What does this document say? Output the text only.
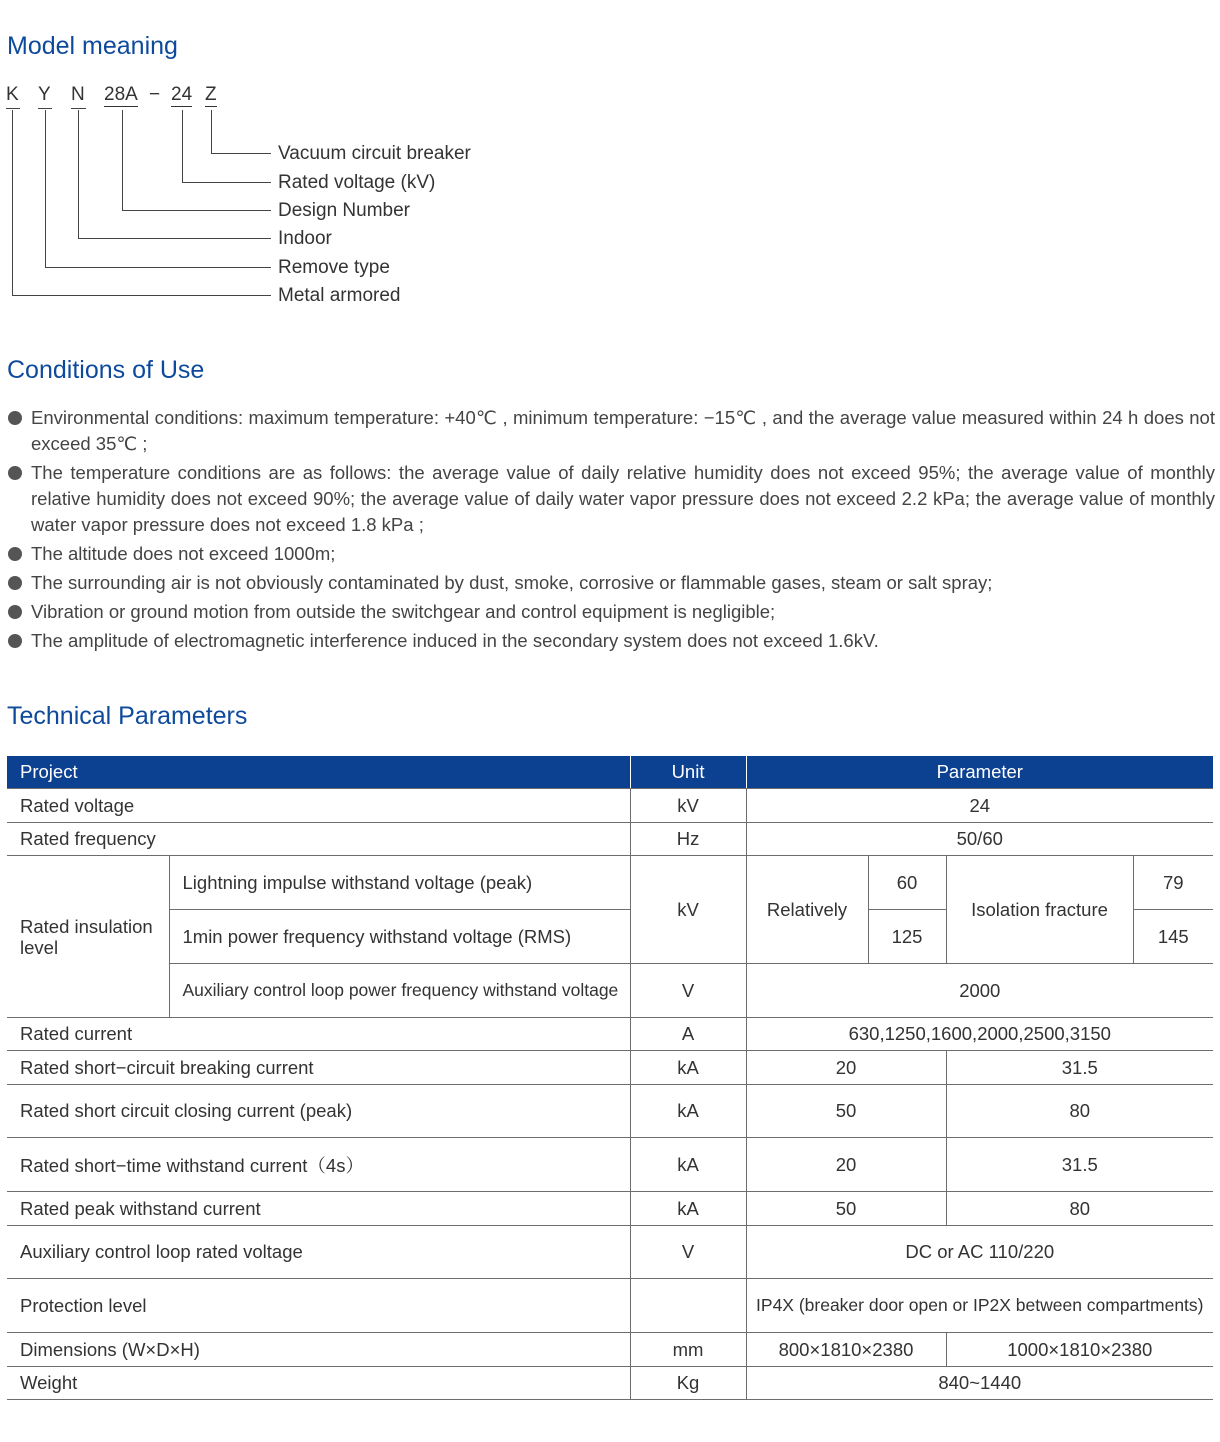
Model meaning
K Y N 28A − 24 Z
Vacuum circuit breaker
Rated voltage (kV)
Design Number
Indoor
Remove type
Metal armored
Conditions of Use
Environmental conditions: maximum temperature: +40℃ , minimum temperature: −15℃ , and the average value measured within 24 h does not exceed 35℃ ;
The temperature conditions are as follows: the average value of daily relative humidity does not exceed 95%; the average value of monthly relative humidity does not exceed 90%; the average value of daily water vapor pressure does not exceed 2.2 kPa; the average value of monthly water vapor pressure does not exceed 1.8 kPa ;
The altitude does not exceed 1000m;
The surrounding air is not obviously contaminated by dust, smoke, corrosive or flammable gases, steam or salt spray;
Vibration or ground motion from outside the switchgear and control equipment is negligible;
The amplitude of electromagnetic interference induced in the secondary system does not exceed 1.6kV.
Technical Parameters
Project		Unit	Parameter			
Rated voltage		kV	24			
Rated frequency		Hz	50/60			
Rated insulation level	Lightning impulse withstand voltage (peak)	kV	Relatively	60	Isolation fracture	79
	1min power frequency withstand voltage (RMS)			125		145
	Auxiliary control loop power frequency withstand voltage	V	2000			
Rated current		A	630,1250,1600,2000,2500,3150			
Rated short−circuit breaking current		kA	20		31.5	
Rated short circuit closing current (peak)		kA	50		80	
Rated short−time withstand current（4s）		kA	20		31.5	
Rated peak withstand current		kA	50		80	
Auxiliary control loop rated voltage		V	DC or AC 110/220			
Protection level			IP4X (breaker door open or IP2X between compartments)			
Dimensions (W×D×H)		mm	800×1810×2380		1000×1810×2380	
Weight		Kg	840~1440			
